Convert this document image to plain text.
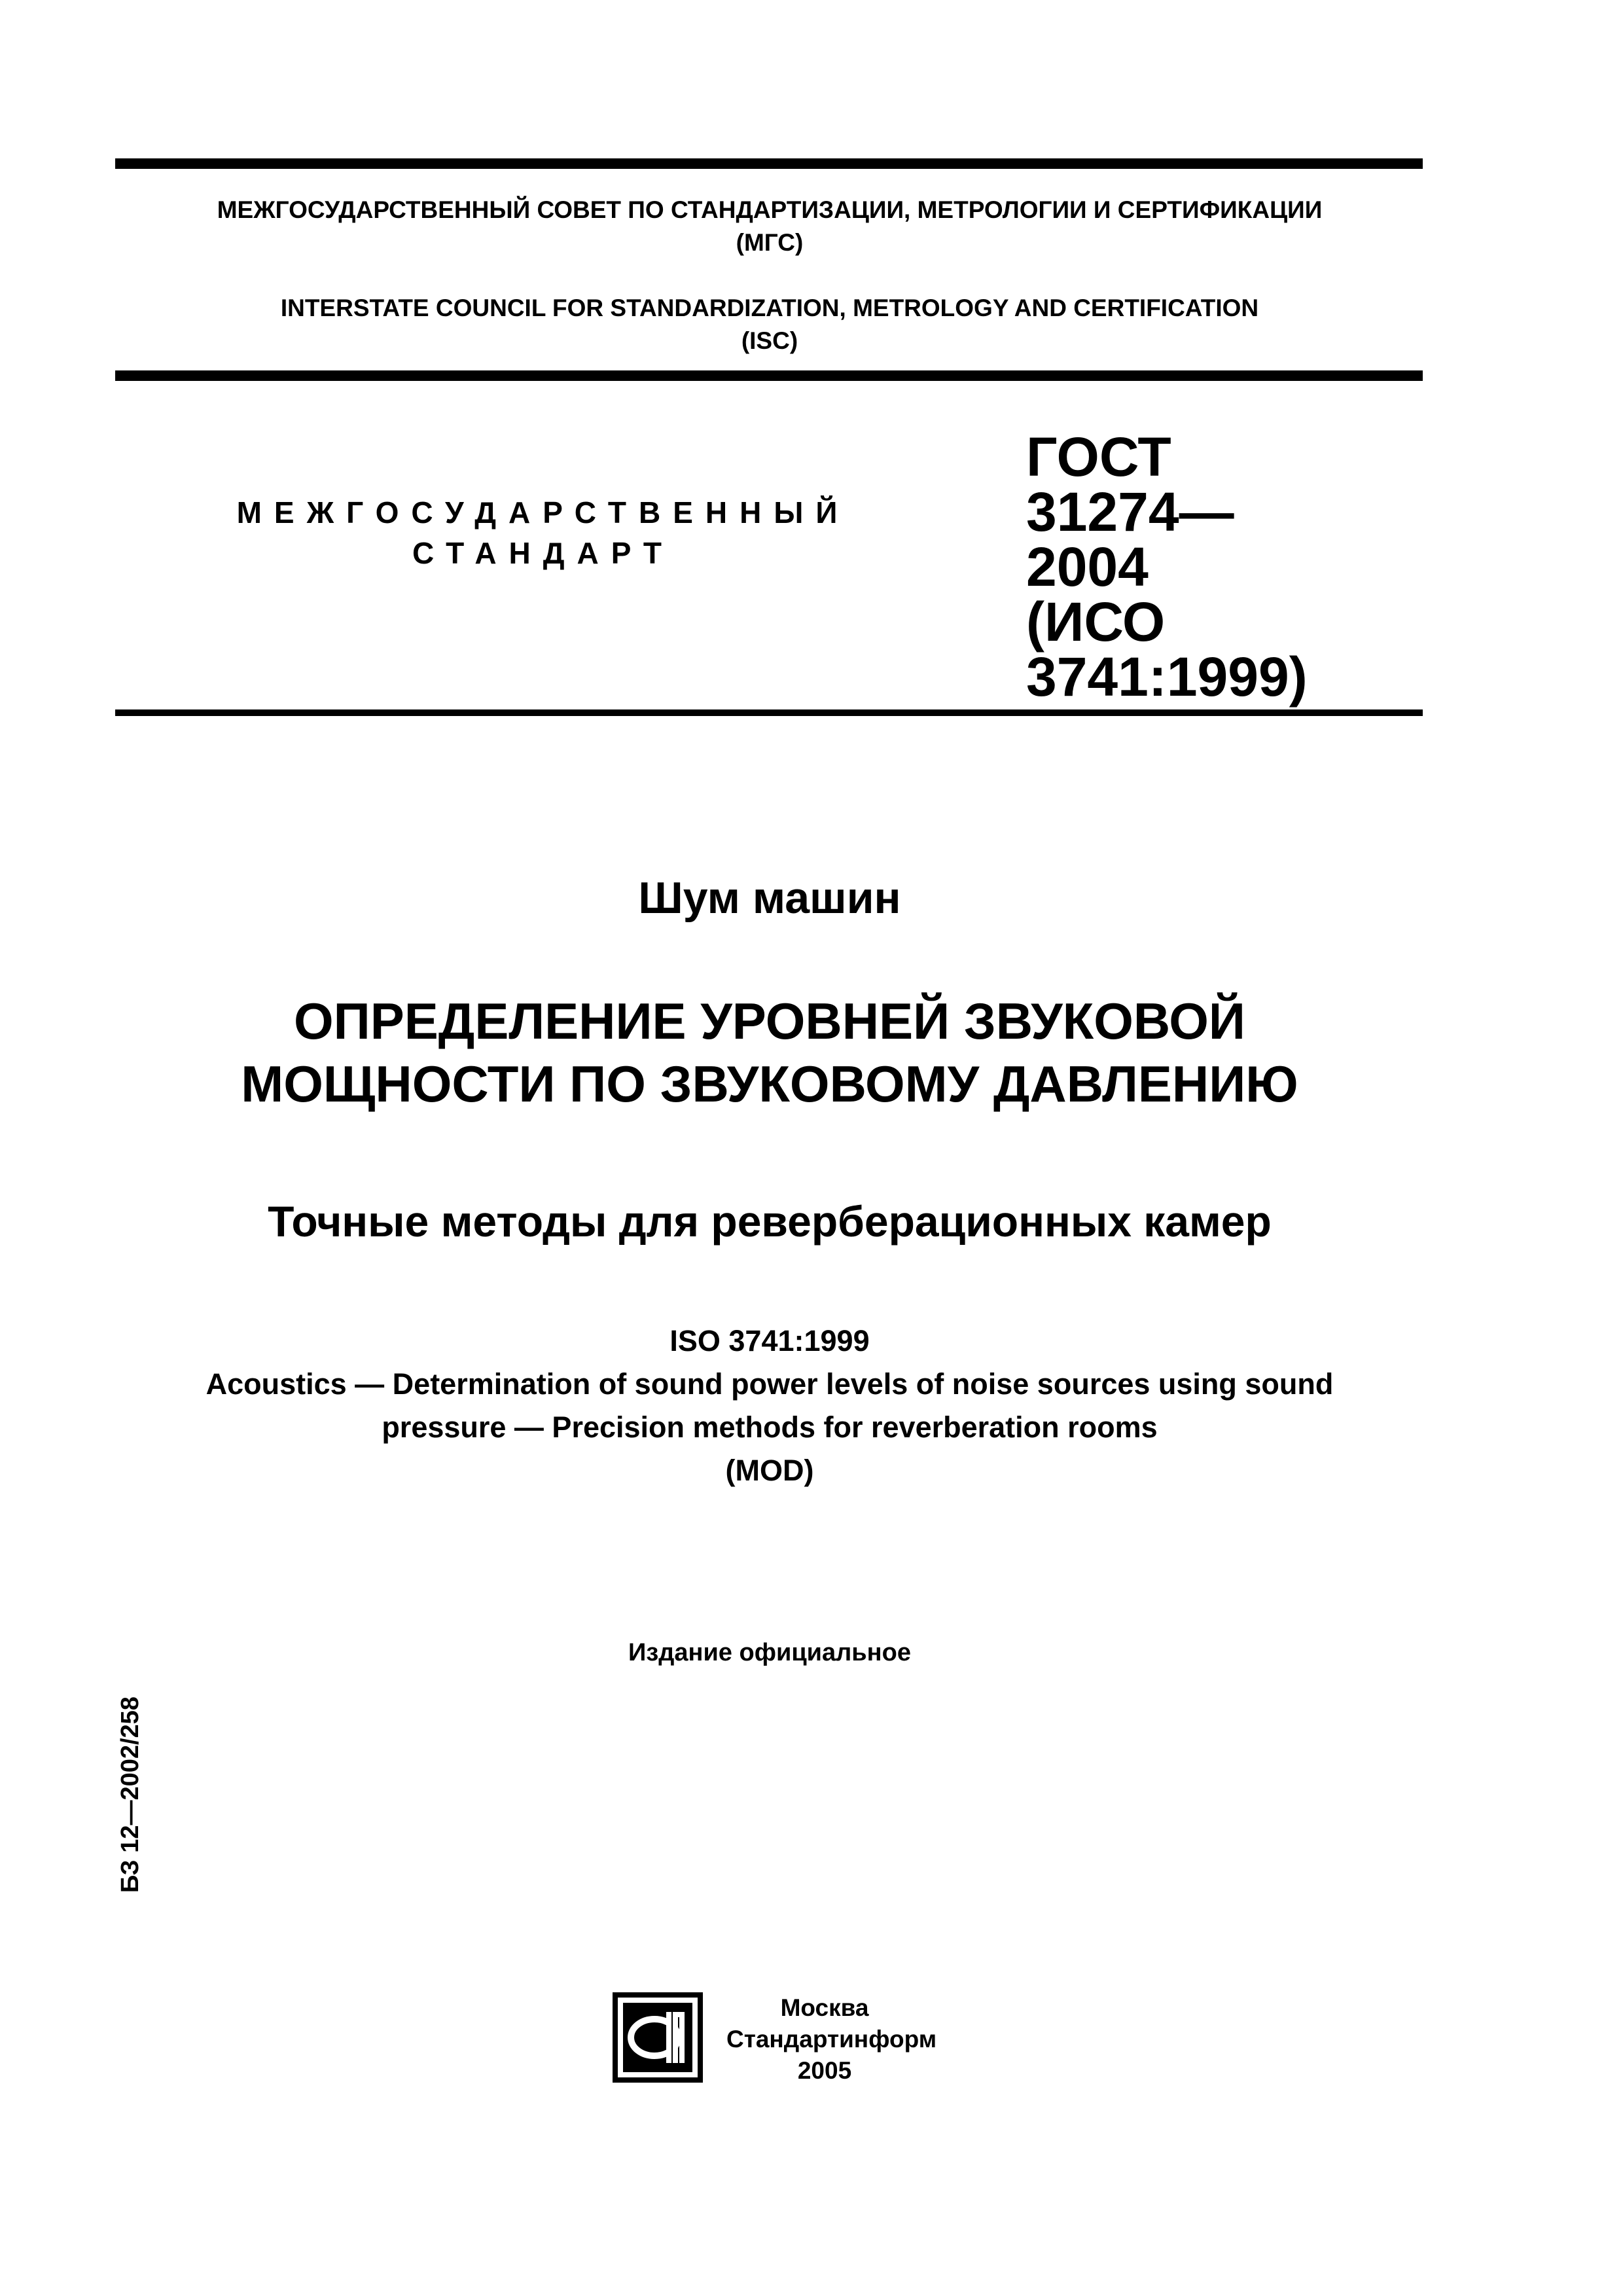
МЕЖГОСУДАРСТВЕННЫЙ СОВЕТ ПО СТАНДАРТИЗАЦИИ, МЕТРОЛОГИИ И СЕРТИФИКАЦИИ
(МГС)
INTERSTATE COUNCIL FOR STANDARDIZATION, METROLOGY AND CERTIFICATION
(ISC)
МЕЖГОСУДАРСТВЕННЫЙ
СТАНДАРТ
ГОСТ
31274—
2004
(ИСО 3741:1999)
Шум машин
ОПРЕДЕЛЕНИЕ УРОВНЕЙ ЗВУКОВОЙ
МОЩНОСТИ ПО ЗВУКОВОМУ ДАВЛЕНИЮ
Точные методы для реверберационных камер
ISO 3741:1999
Acoustics — Determination of sound power levels of noise sources using sound
pressure — Precision methods for reverberation rooms
(MOD)
Издание официальное
БЗ 12—2002/258
Москва
Стандартинформ
2005
